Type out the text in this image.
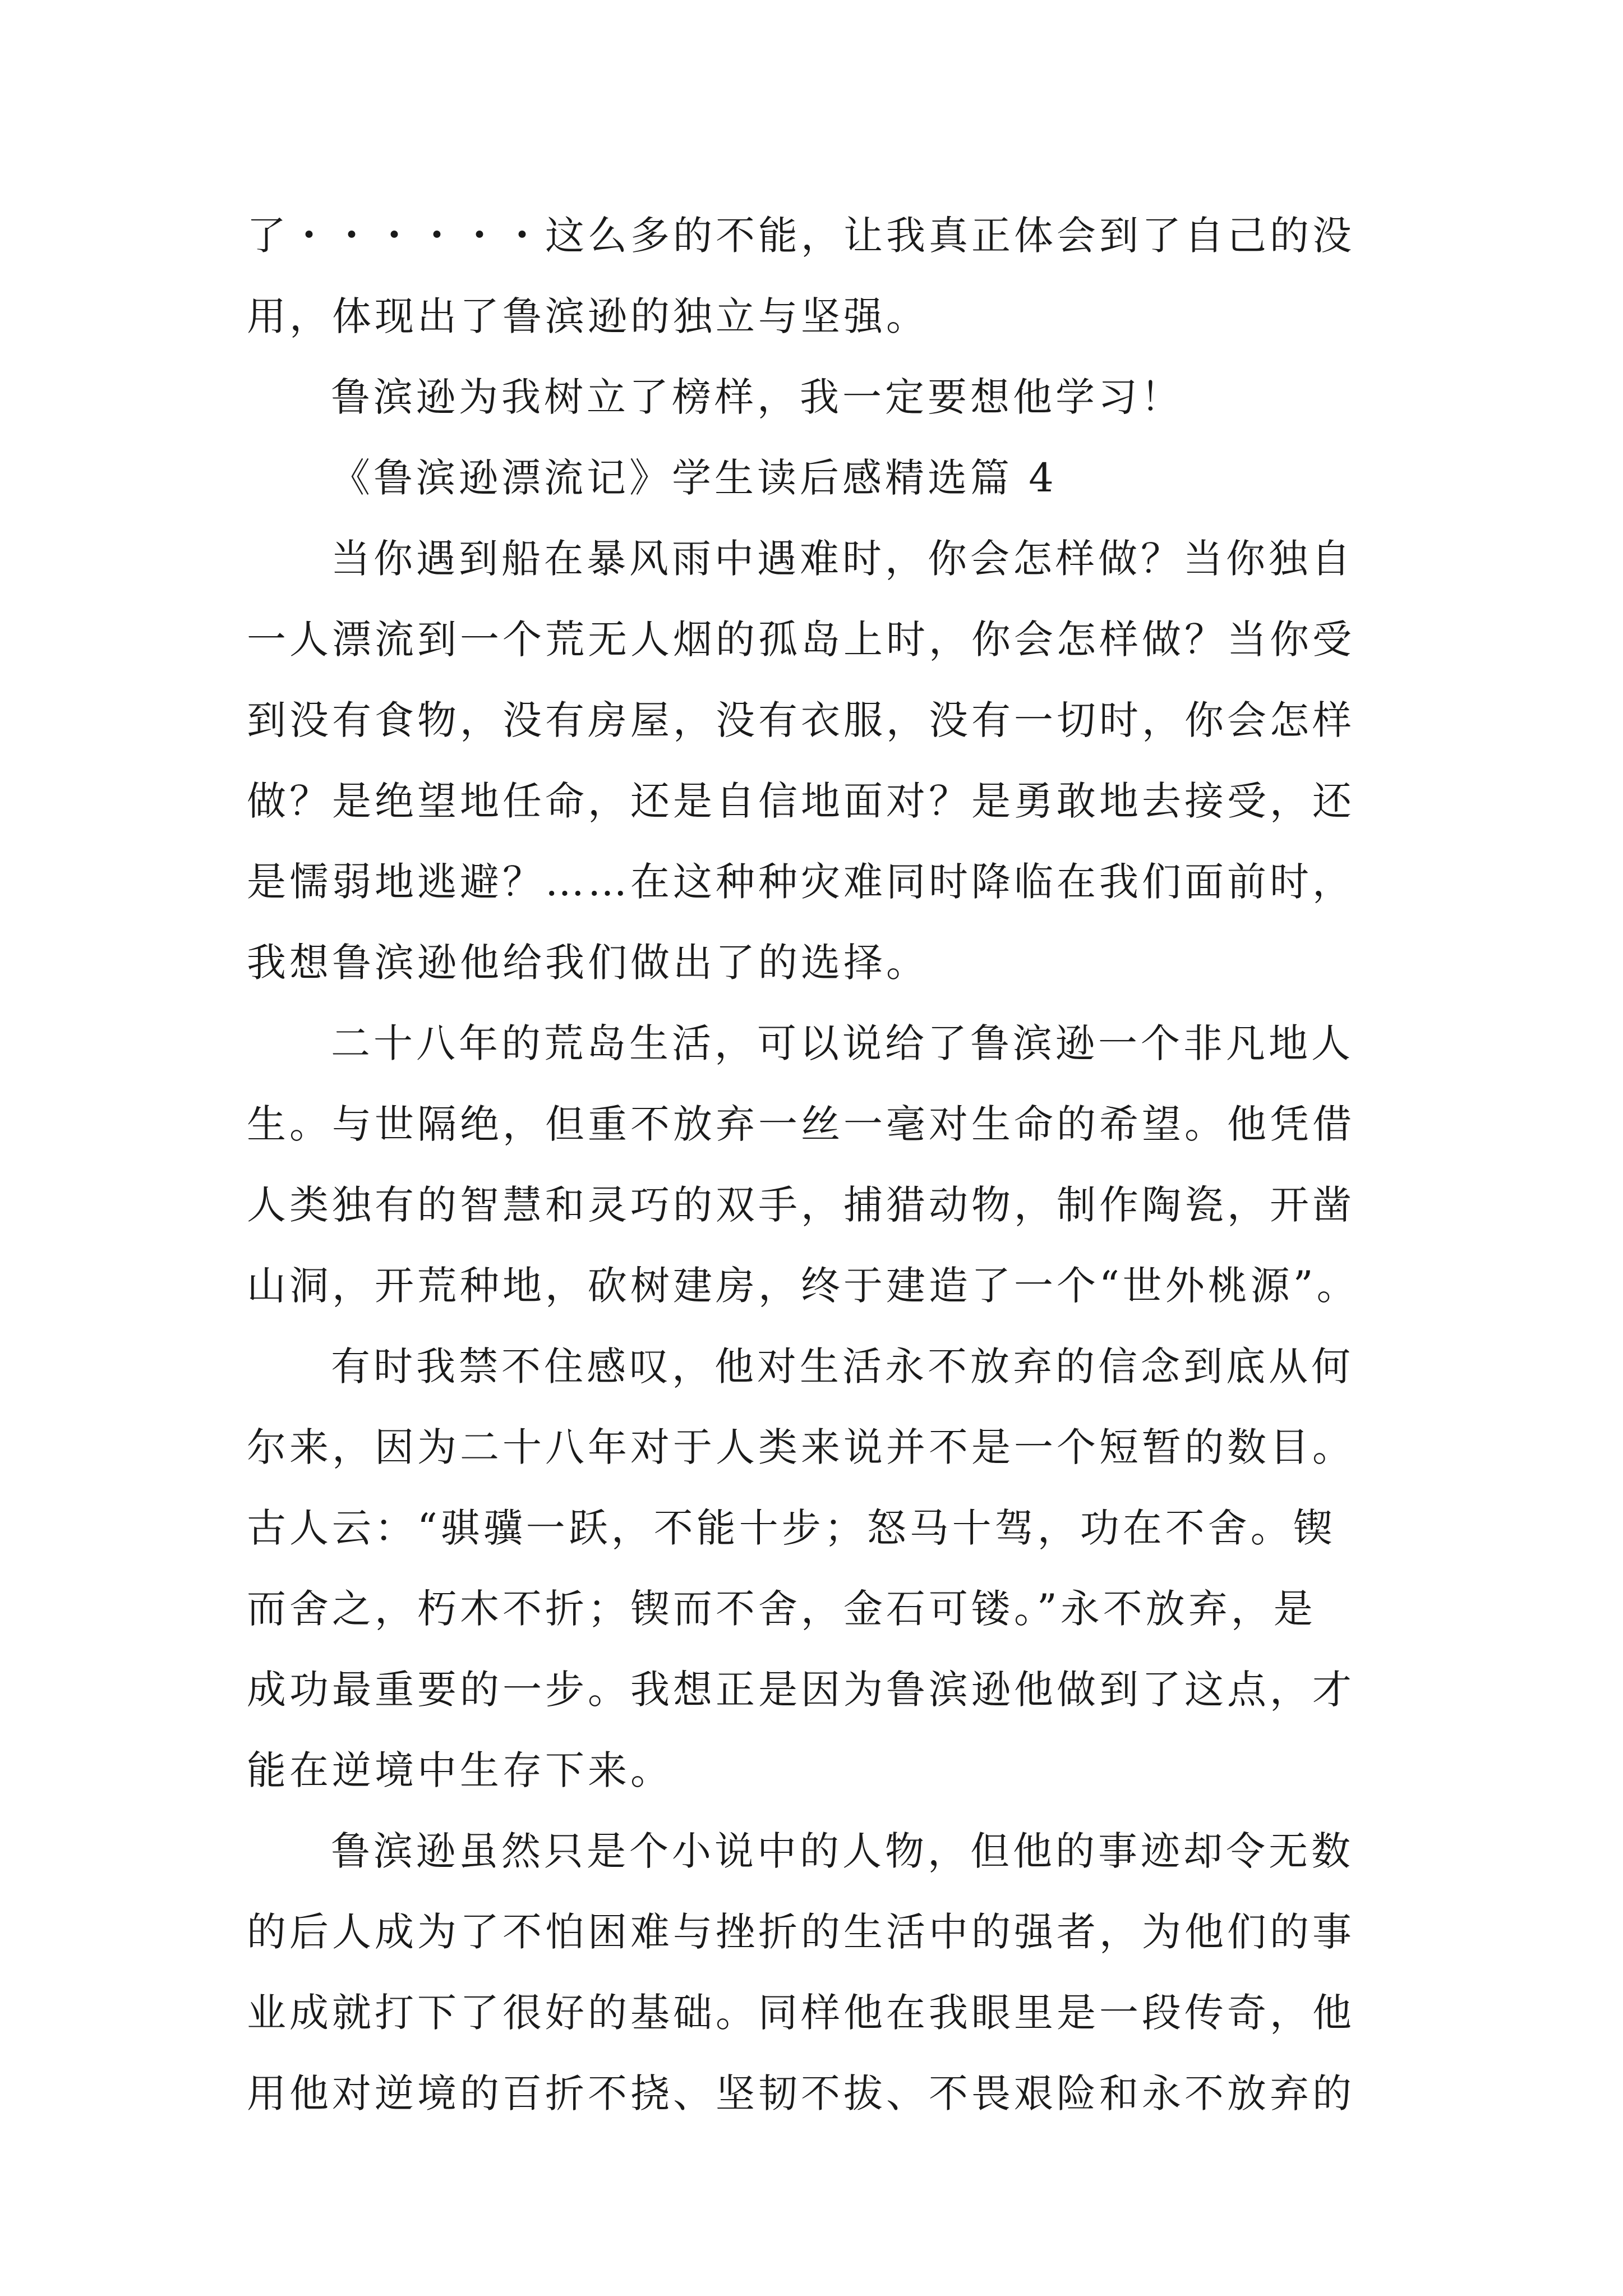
了・・・・・・这么多的不能，让我真正体会到了自己的没
用，体现出了鲁滨逊的独立与坚强。
鲁滨逊为我树立了榜样，我一定要想他学习！
《鲁滨逊漂流记》学生读后感精选篇 4
当你遇到船在暴风雨中遇难时，你会怎样做？当你独自
一人漂流到一个荒无人烟的孤岛上时，你会怎样做？当你受
到没有食物，没有房屋，没有衣服，没有一切时，你会怎样
做？是绝望地任命，还是自信地面对？是勇敢地去接受，还
是懦弱地逃避？……在这种种灾难同时降临在我们面前时，
我想鲁滨逊他给我们做出了的选择。
二十八年的荒岛生活，可以说给了鲁滨逊一个非凡地人
生。与世隔绝，但重不放弃一丝一毫对生命的希望。他凭借
人类独有的智慧和灵巧的双手，捕猎动物，制作陶瓷，开凿
山洞，开荒种地，砍树建房，终于建造了一个“世外桃源”。
有时我禁不住感叹，他对生活永不放弃的信念到底从何
尔来，因为二十八年对于人类来说并不是一个短暂的数目。
古人云：“骐骥一跃，不能十步；怒马十驾，功在不舍。锲
而舍之，朽木不折；锲而不舍，金石可镂。”永不放弃，是
成功最重要的一步。我想正是因为鲁滨逊他做到了这点，才
能在逆境中生存下来。
鲁滨逊虽然只是个小说中的人物，但他的事迹却令无数
的后人成为了不怕困难与挫折的生活中的强者，为他们的事
业成就打下了很好的基础。同样他在我眼里是一段传奇，他
用他对逆境的百折不挠、坚韧不拔、不畏艰险和永不放弃的
